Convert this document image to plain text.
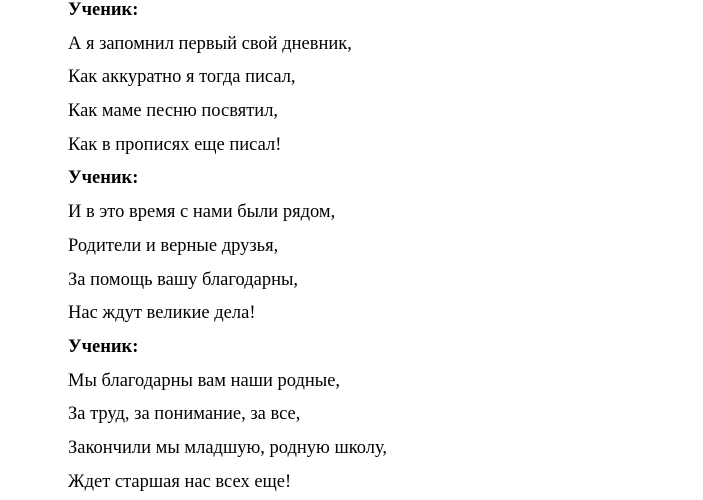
Ученик:

А я запомнил первый свой дневник,

Как аккуратно я тогда писал,

Как маме песню посвятил,

Как в прописях еще писал!

Ученик:

И в это время с нами были рядом,

Родители и верные друзья,

За помощь вашу благодарны,

Нас ждут великие дела!

Ученик:

Мы благодарны вам наши родные,

За труд, за понимание, за все,

Закончили мы младшую, родную школу,

Ждет старшая нас всех еще!
